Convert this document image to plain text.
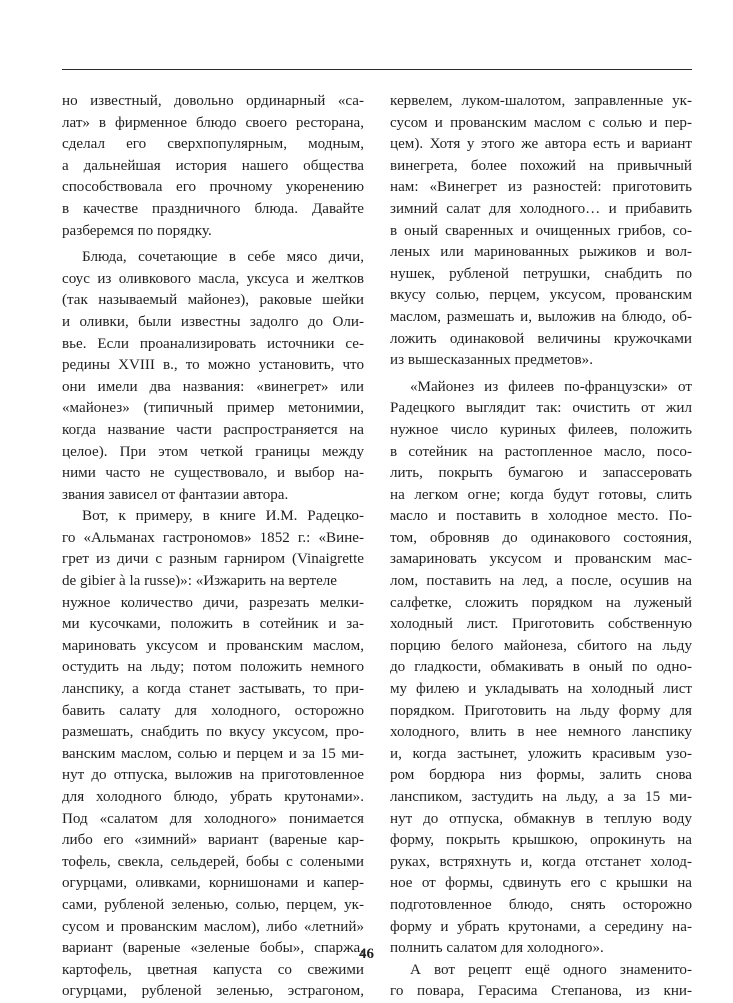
но известный, довольно ординарный «са-
лат» в фирменное блюдо своего ресторана,
сделал его сверхпопулярным, модным,
а дальнейшая история нашего общества
способствовала его прочному укоренению
в качестве праздничного блюда. Давайте
разберемся по порядку.
Блюда, сочетающие в себе мясо дичи,
соус из оливкового масла, уксуса и желтков
(так называемый майонез), раковые шейки
и оливки, были известны задолго до Оли-
вье. Если проанализировать источники се-
редины XVIII в., то можно установить, что
они имели два названия: «винегрет» или
«майонез» (типичный пример метонимии,
когда название части распространяется на
целое). При этом четкой границы между
ними часто не существовало, и выбор на-
звания зависел от фантазии автора.
Вот, к примеру, в книге И.М. Радецко-
го «Альманах гастрономов» 1852 г.: «Вине-
грет из дичи с разным гарниром (Vinaigrette
de gibier à la russe)»: «Изжарить на вертеле
нужное количество дичи, разрезать мелки-
ми кусочками, положить в сотейник и за-
мариновать уксусом и прованским маслом,
остудить на льду; потом положить немного
ланспику, а когда станет застывать, то при-
бавить салату для холодного, осторожно
размешать, снабдить по вкусу уксусом, про-
ванским маслом, солью и перцем и за 15 ми-
нут до отпуска, выложив на приготовленное
для холодного блюдо, убрать крутонами».
Под «салатом для холодного» понимается
либо его «зимний» вариант (вареные кар-
тофель, свекла, сельдерей, бобы с солеными
огурцами, оливками, корнишонами и капер-
сами, рубленой зеленью, солью, перцем, ук-
сусом и прованским маслом), либо «летний»
вариант (вареные «зеленые бобы», спаржа,
картофель, цветная капуста со свежими
огурцами, рубленой зеленью, эстрагоном,
кервелем, луком-шалотом, заправленные ук-
сусом и прованским маслом с солью и пер-
цем). Хотя у этого же автора есть и вариант
винегрета, более похожий на привычный
нам: «Винегрет из разностей: приготовить
зимний салат для холодного… и прибавить
в оный сваренных и очищенных грибов, со-
леных или маринованных рыжиков и вол-
нушек, рубленой петрушки, снабдить по
вкусу солью, перцем, уксусом, прованским
маслом, размешать и, выложив на блюдо, об-
ложить одинаковой величины кружочками
из вышесказанных предметов».
«Майонез из филеев по-французски» от
Радецкого выглядит так: очистить от жил
нужное число куриных филеев, положить
в сотейник на растопленное масло, посо-
лить, покрыть бумагою и запассеровать
на легком огне; когда будут готовы, слить
масло и поставить в холодное место. По-
том, обровняв до одинакового состояния,
замариновать уксусом и прованским мас-
лом, поставить на лед, а после, осушив на
салфетке, сложить порядком на луженый
холодный лист. Приготовить собственную
порцию белого майонеза, сбитого на льду
до гладкости, обмакивать в оный по одно-
му филею и укладывать на холодный лист
порядком. Приготовить на льду форму для
холодного, влить в нее немного ланспику
и, когда застынет, уложить красивым узо-
ром бордюра низ формы, залить снова
ланспиком, застудить на льду, а за 15 ми-
нут до отпуска, обмакнув в теплую воду
форму, покрыть крышкою, опрокинуть на
руках, встряхнуть и, когда отстанет холод-
ное от формы, сдвинуть его с крышки на
подготовленное блюдо, снять осторожно
форму и убрать крутонами, а середину на-
полнить салатом для холодного».
А вот рецепт ещё одного знаменито-
го повара, Герасима Степанова, из кни-
46
